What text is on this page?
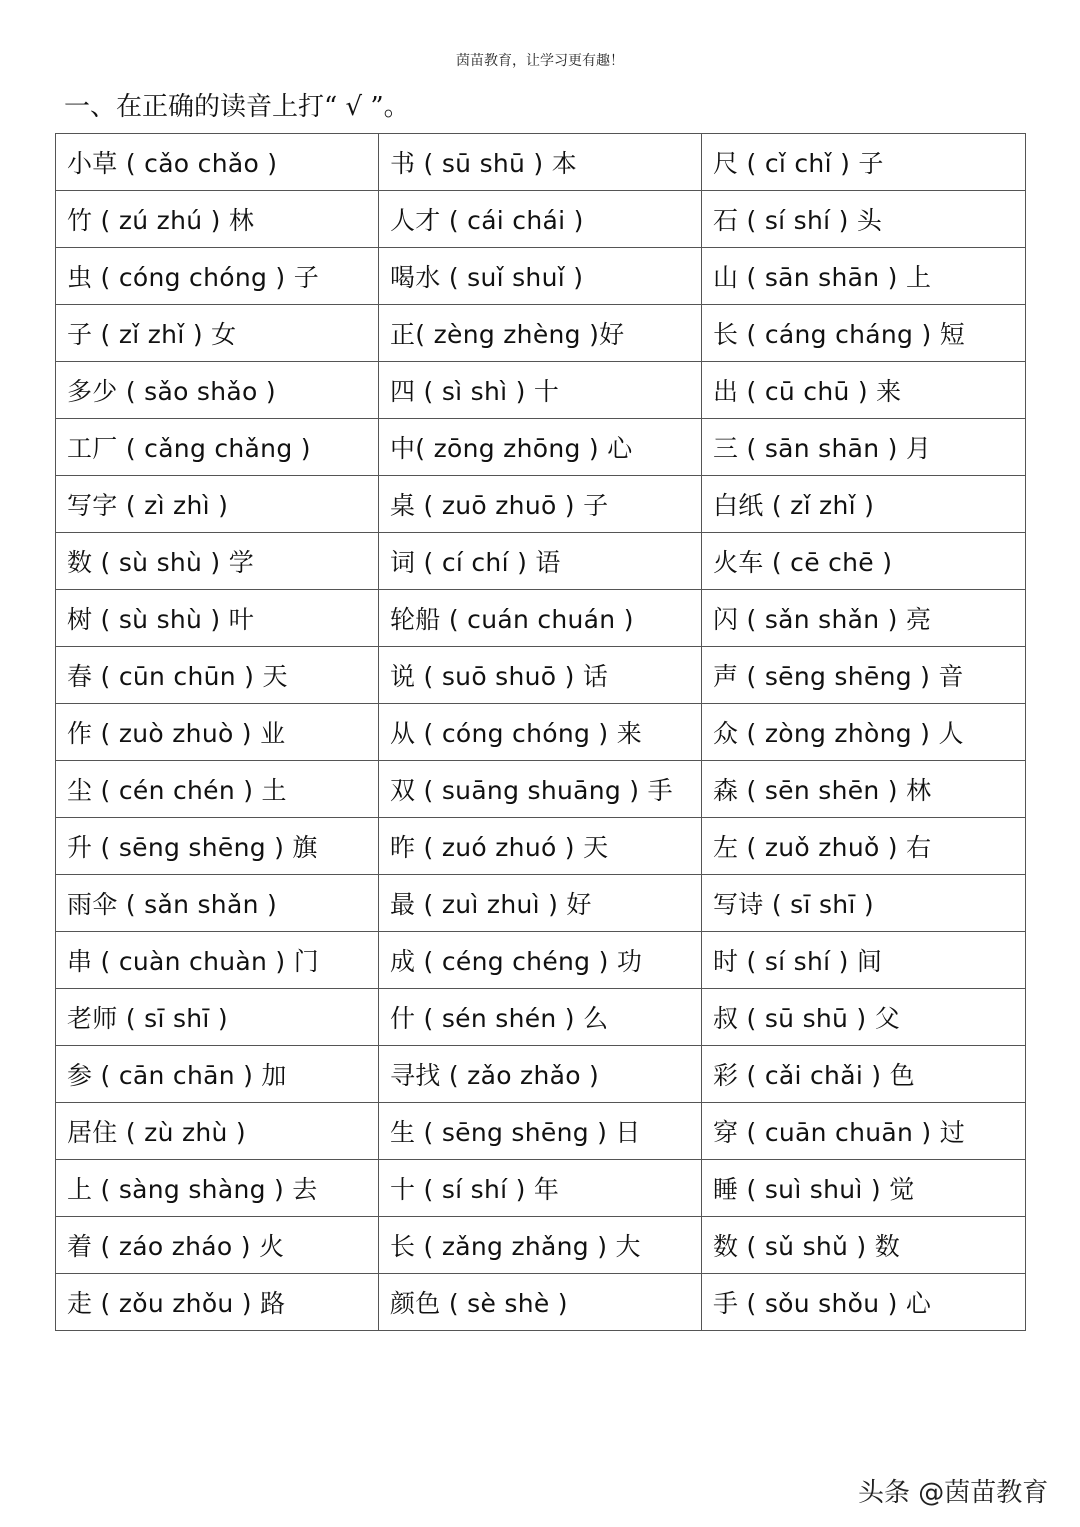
茵苗教育，让学习更有趣！
一、在正确的读音上打“ √ ”。
小草 ( cǎo chǎo )	书 ( sū shū ) 本	尺 ( cǐ chǐ ) 子
竹 ( zú zhú ) 林	人才 ( cái chái )	石 ( sí shí ) 头
虫 ( cóng chóng ) 子	喝水 ( suǐ shuǐ )	山 ( sān shān ) 上
子 ( zǐ zhǐ ) 女	正( zèng zhèng )好	长 ( cáng cháng ) 短
多少 ( sǎo shǎo )	四 ( sì shì ) 十	出 ( cū chū ) 来
工厂 ( cǎng chǎng )	中( zōng zhōng ) 心	三 ( sān shān ) 月
写字 ( zì zhì )	桌 ( zuō zhuō ) 子	白纸 ( zǐ zhǐ )
数 ( sù shù ) 学	词 ( cí chí ) 语	火车 ( cē chē )
树 ( sù shù ) 叶	轮船 ( cuán chuán )	闪 ( sǎn shǎn ) 亮
春 ( cūn chūn ) 天	说 ( suō shuō ) 话	声 ( sēng shēng ) 音
作 ( zuò zhuò ) 业	从 ( cóng chóng ) 来	众 ( zòng zhòng ) 人
尘 ( cén chén ) 土	双 ( suāng shuāng ) 手	森 ( sēn shēn ) 林
升 ( sēng shēng ) 旗	昨 ( zuó zhuó ) 天	左 ( zuǒ zhuǒ ) 右
雨伞 ( sǎn shǎn )	最 ( zuì zhuì ) 好	写诗 ( sī shī )
串 ( cuàn chuàn ) 门	成 ( céng chéng ) 功	时 ( sí shí ) 间
老师 ( sī shī )	什 ( sén shén ) 么	叔 ( sū shū ) 父
参 ( cān chān ) 加	寻找 ( zǎo zhǎo )	彩 ( cǎi chǎi ) 色
居住 ( zù zhù )	生 ( sēng shēng ) 日	穿 ( cuān chuān ) 过
上 ( sàng shàng ) 去	十 ( sí shí ) 年	睡 ( suì shuì ) 觉
着 ( záo zháo ) 火	长 ( zǎng zhǎng ) 大	数 ( sǔ shǔ ) 数
走 ( zǒu zhǒu ) 路	颜色 ( sè shè )	手 ( sǒu shǒu ) 心
头条 @茵苗教育
